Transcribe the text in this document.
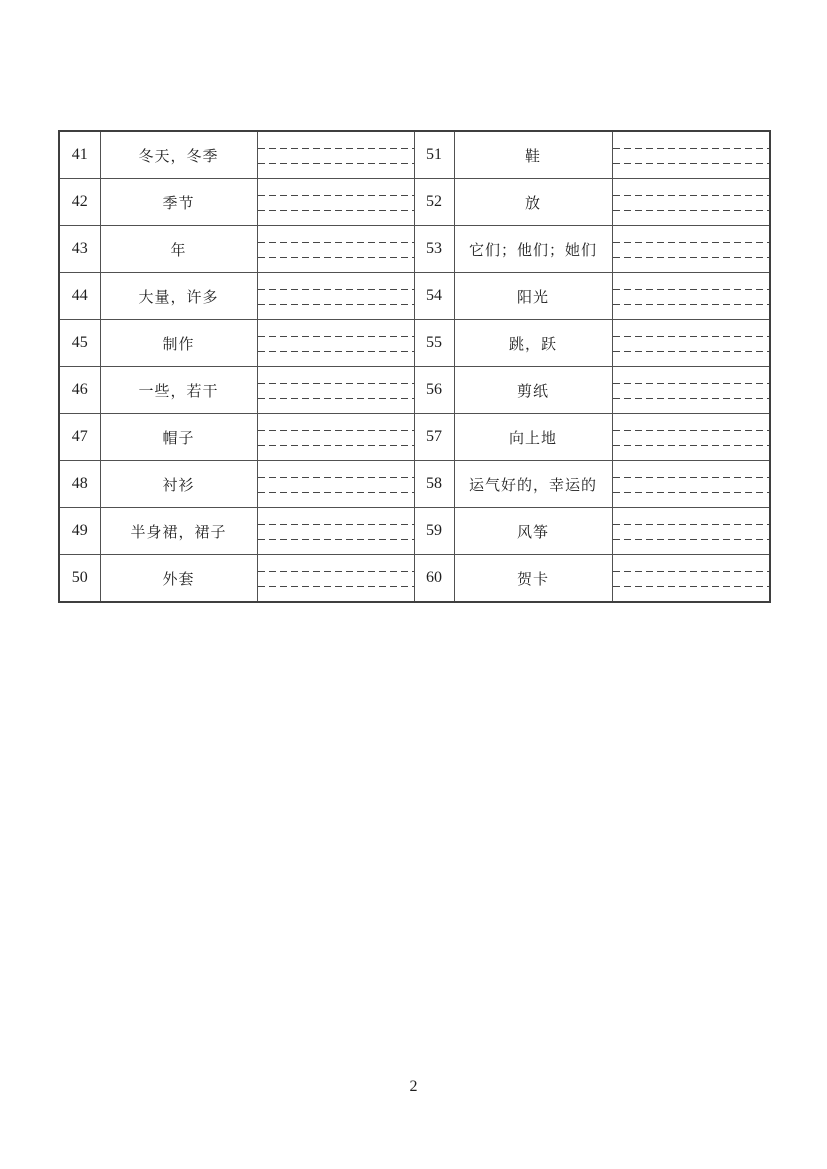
41	冬天，冬季		51	鞋	

42	季节		52	放	

43	年		53	它们；他们；她们	

44	大量，许多		54	阳光	

45	制作		55	跳，跃	

46	一些，若干		56	剪纸	

47	帽子		57	向上地	

48	衬衫		58	运气好的，幸运的	

49	半身裙，裙子		59	风筝	

50	外套		60	贺卡	
2
